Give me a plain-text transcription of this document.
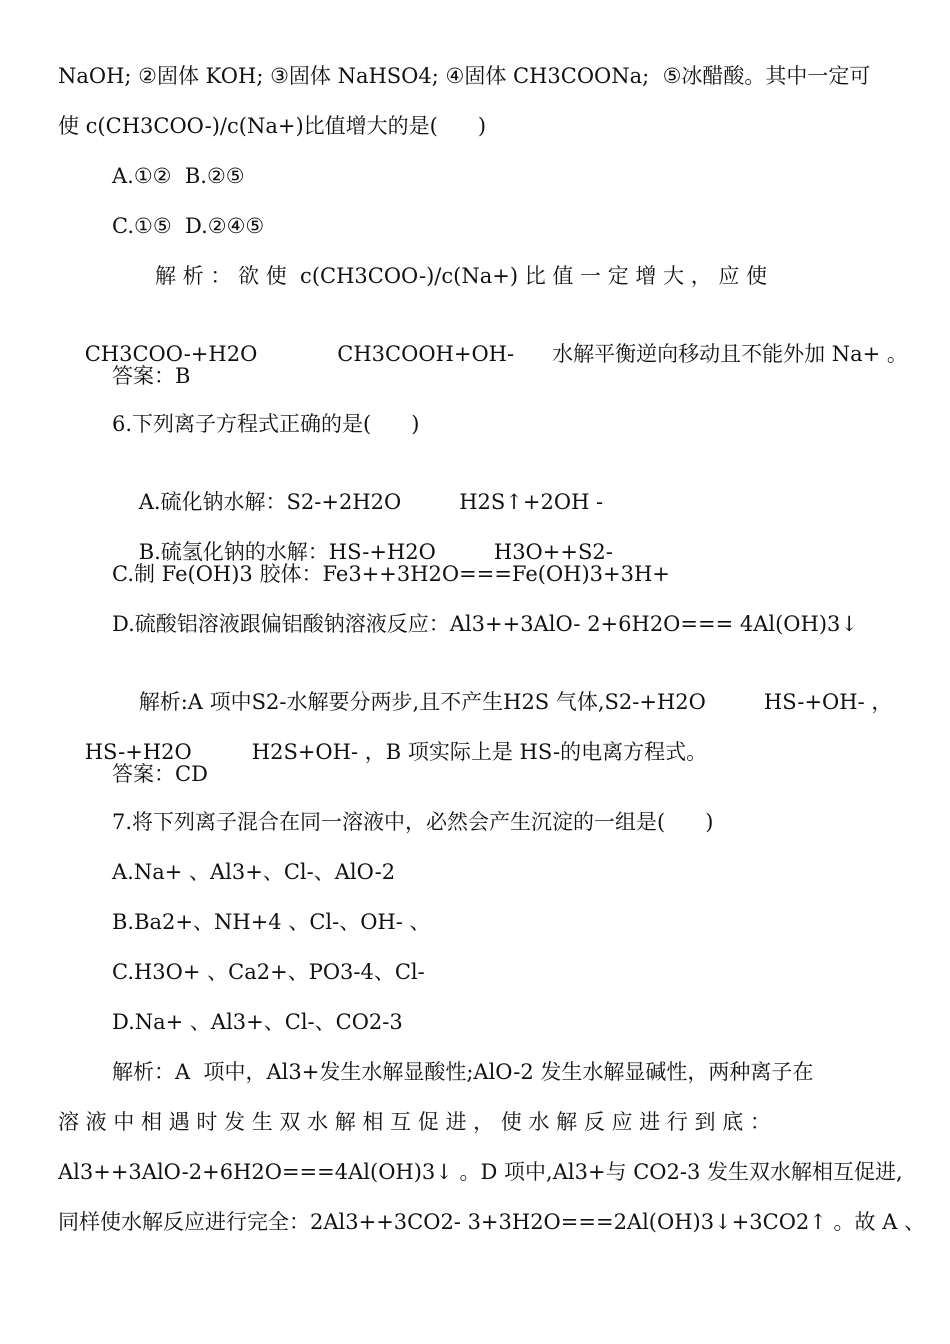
NaOH; ②固体 KOH; ③固体 NaHSO4; ④固体 CH3COONa;  ⑤冰醋酸。其中一定可
使 c(CH3COO-)/c(Na+)比值增大的是(      )
A.①②  B.②⑤
C.①⑤  D.②④⑤
解 析 ： 欲 使  c(CH3COO-)/c(Na+) 比 值 一 定 增 大 ， 应 使

CH3COO-+H2O	CH3COOH+OH- 水解平衡逆向移动且不能外加 Na+ 。

答案：B
6.下列离子方程式正确的是(      )

A.硫化钠水解：S2-+2H2O	H2S↑+2OH -

B.硫氢化钠的水解：HS-+H2O	H3O++S2-

C.制 Fe(OH)3 胶体：Fe3++3H2O===Fe(OH)3+3H+
D.硫酸铝溶液跟偏铝酸钠溶液反应：Al3++3AlO- 2+6H2O=== 4Al(OH)3↓

解析:A 项中S2-水解要分两步,且不产生H2S 气体,S2-+H2O	HS-+OH- ，

HS-+H2O	H2S+OH- ，B 项实际上是 HS-的电离方程式。

答案：CD
7.将下列离子混合在同一溶液中，必然会产生沉淀的一组是(      )
A.Na+ 、Al3+、Cl-、AlO-2
B.Ba2+、NH+4 、Cl-、OH- 、
C.H3O+ 、Ca2+、PO3-4、Cl-
D.Na+ 、Al3+、Cl-、CO2-3
解析：A  项中，Al3+发生水解显酸性;AlO-2 发生水解显碱性，两种离子在
溶 液 中 相 遇 时 发 生 双 水 解 相 互 促 进 ， 使 水 解 反 应 进 行 到 底 ：
Al3++3AlO-2+6H2O===4Al(OH)3↓ 。D 项中,Al3+与 CO2-3 发生双水解相互促进,
同样使水解反应进行完全：2Al3++3CO2- 3+3H2O===2Al(OH)3↓+3CO2↑ 。故 A 、
